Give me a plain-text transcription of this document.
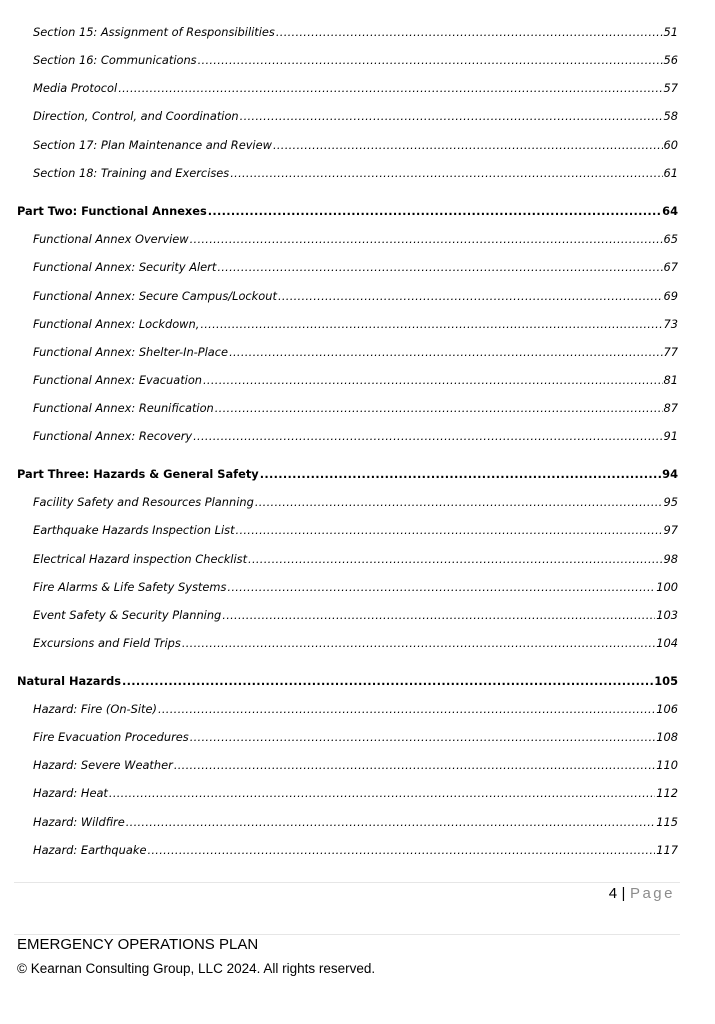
Section 15: Assignment of Responsibilities .....	51
Section 16: Communications .....	56
Media Protocol .....	57
Direction, Control, and Coordination .....	58
Section 17: Plan Maintenance and Review .....	60
Section 18: Training and Exercises .....	61
Part Two: Functional Annexes .....	64
Functional Annex Overview .....	65
Functional Annex: Security Alert .....	67
Functional Annex: Secure Campus/Lockout .....	69
Functional Annex: Lockdown, .....	73
Functional Annex: Shelter-In-Place .....	77
Functional Annex: Evacuation .....	81
Functional Annex: Reunification .....	87
Functional Annex: Recovery .....	91
Part Three: Hazards & General Safety .....	94
Facility Safety and Resources Planning .....	95
Earthquake Hazards Inspection List .....	97
Electrical Hazard inspection Checklist .....	98
Fire Alarms & Life Safety Systems .....	100
Event Safety & Security Planning .....	103
Excursions and Field Trips .....	104
Natural Hazards .....	105
Hazard: Fire (On-Site) .....	106
Fire Evacuation Procedures .....	108
Hazard: Severe Weather .....	110
Hazard: Heat .....	112
Hazard: Wildfire .....	115
Hazard: Earthquake .....	117
4 | Page
EMERGENCY OPERATIONS PLAN
© Kearnan Consulting Group, LLC 2024. All rights reserved.
